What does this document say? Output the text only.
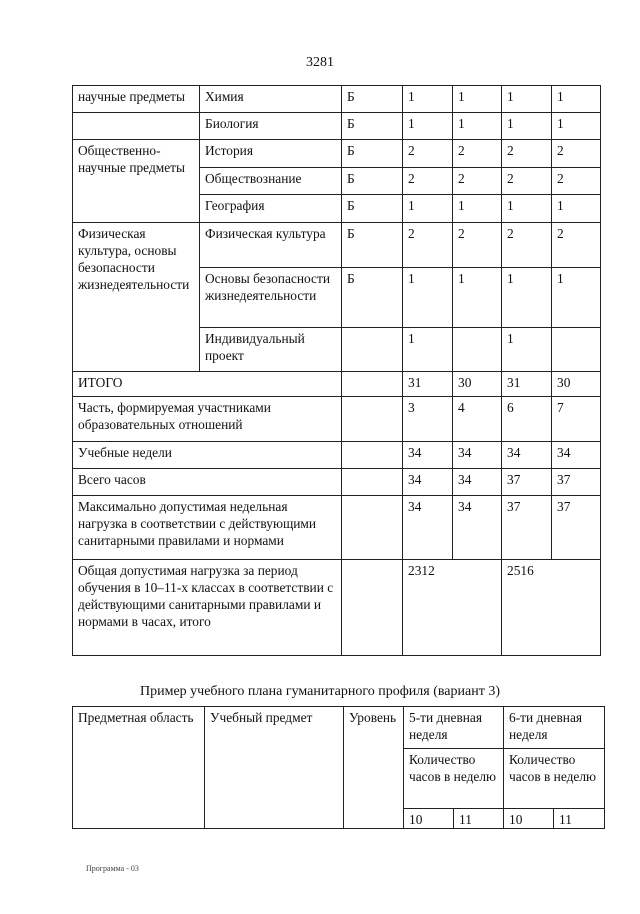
3281
научные предметы	Химия	Б	1	1	1	1
	Биология	Б	1	1	1	1
Общественно-научные предметы	История	Б	2	2	2	2
	Обществознание	Б	2	2	2	2
	География	Б	1	1	1	1
Физическая культура, основы безопасности жизнедеятельности	Физическая культура	Б	2	2	2	2
	Основы безопасности жизнедеятельности	Б	1	1	1	1
	Индивидуальный проект		1		1	
ИТОГО			31	30	31	30
Часть, формируемая участниками образовательных отношений			3	4	6	7
Учебные недели			34	34	34	34
Всего часов			34	34	37	37
Максимально допустимая недельная нагрузка в соответствии с действующими санитарными правилами и нормами			34	34	37	37
Общая допустимая нагрузка за период обучения в 10–11-х классах в соответствии с действующими санитарными правилами и нормами в часах, итого			2312		2516	
Пример учебного плана гуманитарного профиля (вариант 3)
Предметная область	Учебный предмет	Уровень	5-ти дневная неделя		6-ти дневная неделя	
			Количество часов в неделю		Количество часов в неделю	
			10	11	10	11
Программа - 03
